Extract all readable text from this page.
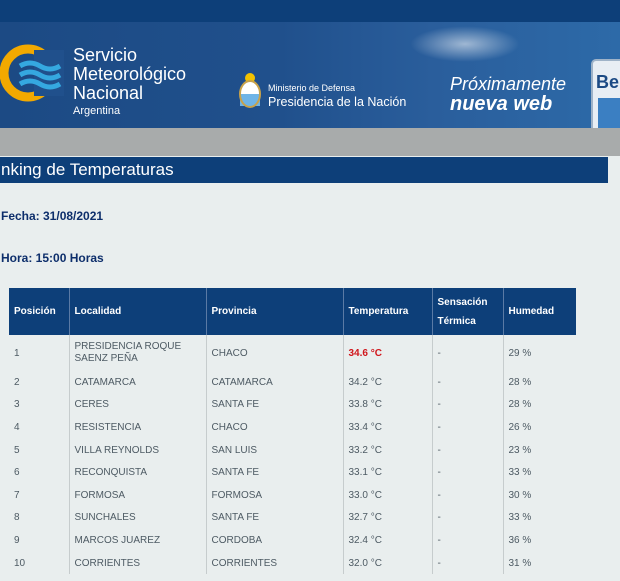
Servicio
Meteorológico
Nacional
Argentina
Ministerio de Defensa
Presidencia de la Nación
Próximamente
nueva web
Be
nking de Temperaturas
Fecha: 31/08/2021
Hora: 15:00 Horas
Posición	Localidad	Provincia	Temperatura	Sensación
Térmica	Humedad
1	PRESIDENCIA ROQUE
SAENZ PEÑA	CHACO	34.6 °C	-	29 %
2	CATAMARCA	CATAMARCA	34.2 °C	-	28 %
3	CERES	SANTA FE	33.8 °C	-	28 %
4	RESISTENCIA	CHACO	33.4 °C	-	26 %
5	VILLA REYNOLDS	SAN LUIS	33.2 °C	-	23 %
6	RECONQUISTA	SANTA FE	33.1 °C	-	33 %
7	FORMOSA	FORMOSA	33.0 °C	-	30 %
8	SUNCHALES	SANTA FE	32.7 °C	-	33 %
9	MARCOS JUAREZ	CORDOBA	32.4 °C	-	36 %
10	CORRIENTES	CORRIENTES	32.0 °C	-	31 %
